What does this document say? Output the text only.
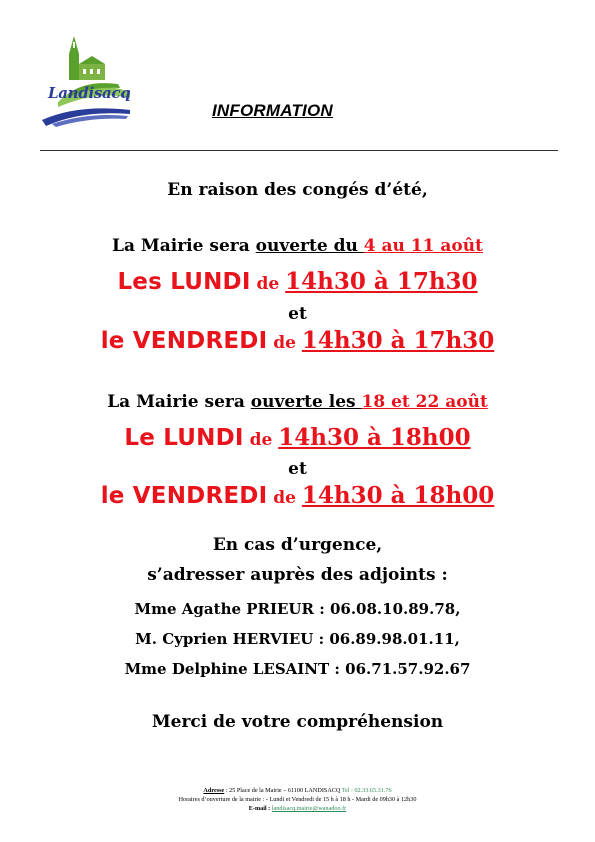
Landisacq
INFORMATION
En raison des congés d’été,
La Mairie sera ouverte du 4 au 11 août
Les LUNDI de 14h30 à 17h30
et
le VENDREDI de 14h30 à 17h30
La Mairie sera ouverte les 18 et 22 août
Le LUNDI de 14h30 à 18h00
et
le VENDREDI de 14h30 à 18h00
En cas d’urgence,
s’adresser auprès des adjoints :
Mme Agathe PRIEUR : 06.08.10.89.78,
M. Cyprien HERVIEU : 06.89.98.01.11,
Mme Delphine LESAINT : 06.71.57.92.67
Merci de votre compréhension
Adresse : 25 Place de la Mairie – 61100 LANDISACQ Tel : 02.33.65.31.76
Horaires d’ouverture de la mairie : - Lundi et Vendredi de 15 h à 18 h - Mardi de 09h30 à 12h30
E-mail : landisacq.mairie@wanadoo.fr
